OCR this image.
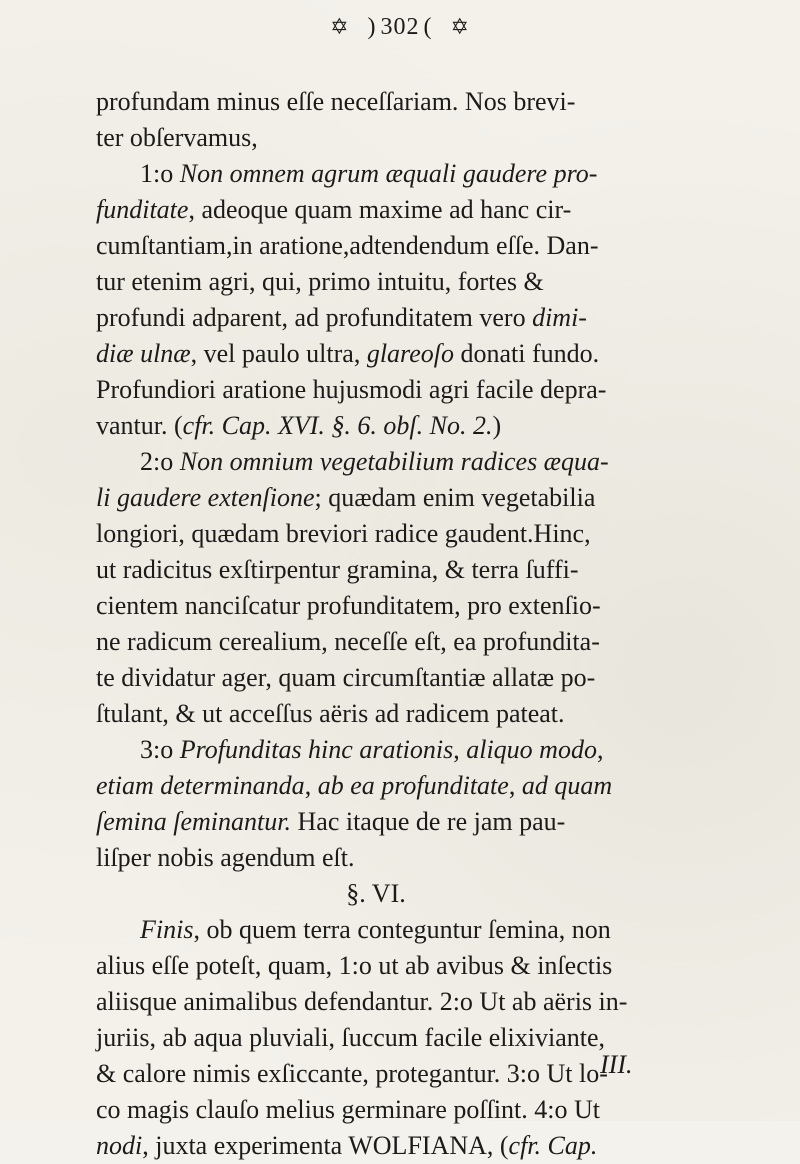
✡ ) 302 ( ✡
profundam minus eſſe neceſſariam. Nos brevi-
ter obſervamus,
1:o Non omnem agrum æquali gaudere pro-
funditate, adeoque quam maxime ad hanc cir-
cumſtantiam,in aratione,adtendendum eſſe. Dan-
tur etenim agri, qui, primo intuitu, fortes &
profundi adparent, ad profunditatem vero dimi-
diæ ulnæ, vel paulo ultra, glareoſo donati fundo.
Profundiori aratione hujusmodi agri facile depra-
vantur. (cfr. Cap. XVI. §. 6. obſ. No. 2.)
2:o Non omnium vegetabilium radices æqua-
li gaudere extenſione; quædam enim vegetabilia
longiori, quædam breviori radice gaudent.Hinc,
ut radicitus exſtirpentur gramina, & terra ſuffi-
cientem nanciſcatur profunditatem, pro extenſio-
ne radicum cerealium, neceſſe eſt, ea profundita-
te dividatur ager, quam circumſtantiæ allatæ po-
ſtulant, & ut acceſſus aëris ad radicem pateat.
3:o Profunditas hinc arationis, aliquo modo,
etiam determinanda, ab ea profunditate, ad quam
ſemina ſeminantur. Hac itaque de re jam pau-
liſper nobis agendum eſt.
§. VI.
Finis, ob quem terra conteguntur ſemina, non
alius eſſe poteſt, quam, 1:o ut ab avibus & inſectis
aliisque animalibus defendantur. 2:o Ut ab aëris in-
juriis, ab aqua pluviali, ſuccum facile elixiviante,
& calore nimis exſiccante, protegantur. 3:o Ut lo-
co magis clauſo melius germinare poſſint. 4:o Ut
nodi, juxta experimenta WOLFIANA, (cfr. Cap.
III.
